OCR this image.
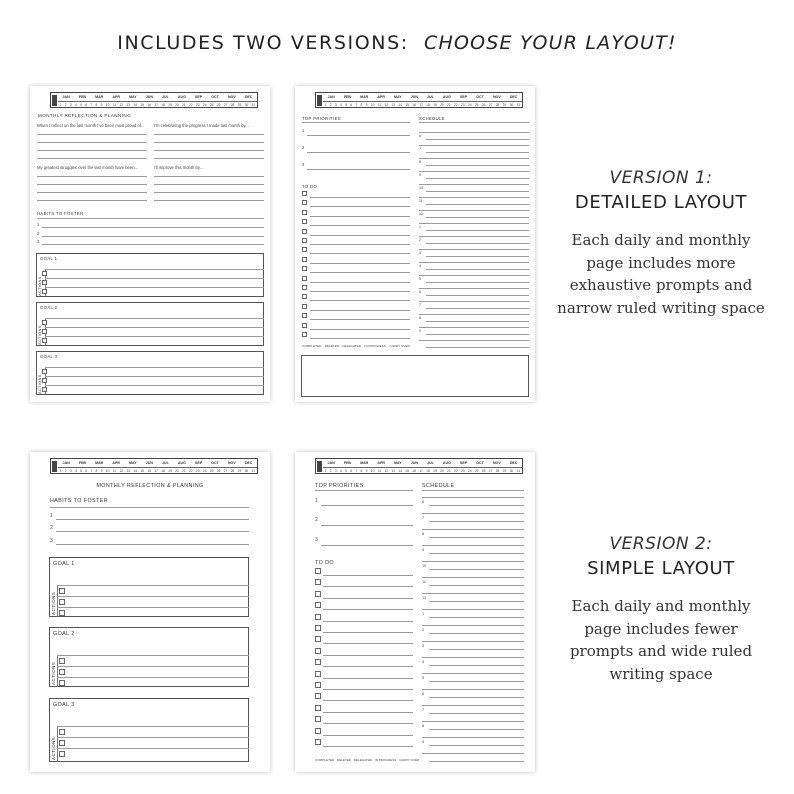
INCLUDES TWO VERSIONS: CHOOSE YOUR LAYOUT!
JAN	FEB	MAR	APR	MAY	JUN	JUL	AUG	SEP	OCT	NOV	DEC
1 2 3 4 5 6 7 8 9 10 11 12 13 14 15 16 17 18 19 20 21 22 23 24 25 26 27 28 29 30 31
MONTHLY REFLECTION & PLANNING
When I reflect on the last month I've been most proud of... I'm celebrating the progress I made last month by...
My greatest struggles over the last month have been...	I'll improve this month by...
HABITS TO FOSTER
1
2
3
GOAL 1
ACTIONS
GOAL 2
ACTIONS
GOAL 3
ACTIONS
JAN	FEB	MAR	APR	MAY	JUN	JUL	AUG	SEP	OCT	NOV	DEC
1 2 3 4 5 6 7 8 9 10 11 12 13 14 15 16 17 18 19 20 21 22 23 24 25 26 27 28 29 30 31
TOP PRIORITIES	SCHEDULE
1
2
3
TO DO
COMPLETED DELETED DELEGATED IN PROGRESS CARRY OVER
6
7
8
9
10
11
12
1
2
3
4
5
6
7
8
9
JAN	FEB	MAR	APR	MAY	JUN	JUL	AUG	SEP	OCT	NOV	DEC
1 2 3 4 5 6 7 8 9 10 11 12 13 14 15 16 17 18 19 20 21 22 23 24 25 26 27 28 29 30 31
MONTHLY REFLECTION & PLANNING
HABITS TO FOSTER
1
2
3
GOAL 1
ACTIONS
GOAL 2
ACTIONS
GOAL 3
ACTIONS
JAN	FEB	MAR	APR	MAY	JUN	JUL	AUG	SEP	OCT	NOV	DEC
1 2 3 4 5 6 7 8 9 10 11 12 13 14 15 16 17 18 19 20 21 22 23 24 25 26 27 28 29 30 31
TOP PRIORITIES	SCHEDULE
1
2
3
TO DO
COMPLETED DELETED DELEGATED IN PROGRESS CARRY OVER
6
7
8
9
10
11
12
1
2
3
4
5
6
7
8
9
VERSION 1:
DETAILED LAYOUT
Each daily and monthly
page includes more
exhaustive prompts and
narrow ruled writing space
VERSION 2:
SIMPLE LAYOUT
Each daily and monthly
page includes fewer
prompts and wide ruled
writing space
